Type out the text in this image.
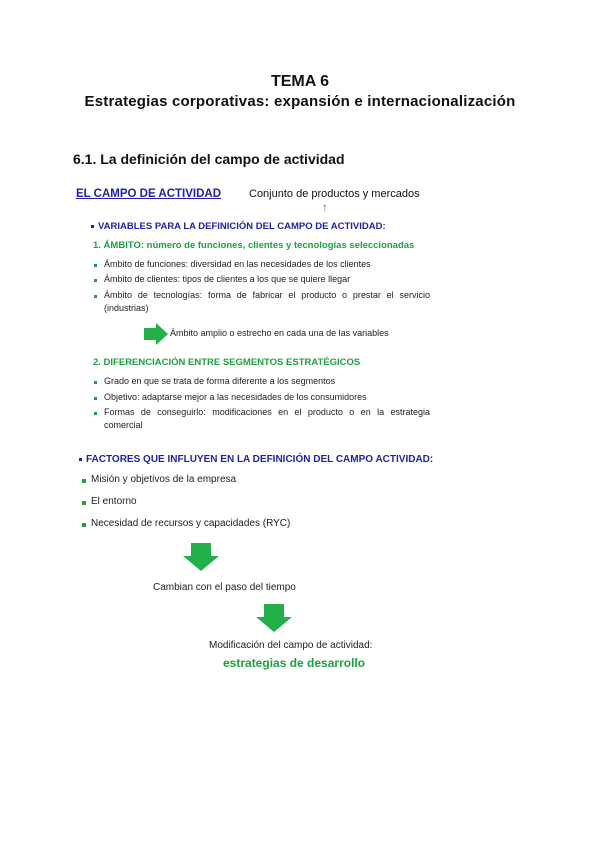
TEMA 6
Estrategias corporativas: expansión e internacionalización
6.1. La definición del campo de actividad
EL CAMPO DE ACTIVIDAD	Conjunto de productos y mercados
↑
VARIABLES PARA LA DEFINICIÓN DEL CAMPO DE ACTIVIDAD:
1. ÁMBITO: número de funciones, clientes y tecnologías seleccionadas
Ámbito de funciones: diversidad en las necesidades de los clientes
Ámbito de clientes: tipos de clientes a los que se quiere llegar
Ámbito de tecnologías: forma de fabricar el producto o prestar el servicio (industrias)
Ámbito amplio o estrecho en cada una de las variables
2. DIFERENCIACIÓN ENTRE SEGMENTOS ESTRATÉGICOS
Grado en que se trata de forma diferente a los segmentos
Objetivo: adaptarse mejor a las necesidades de los consumidores
Formas de conseguirlo: modificaciones en el producto o en la estrategia comercial
FACTORES QUE INFLUYEN EN LA DEFINICIÓN DEL CAMPO ACTIVIDAD:
Misión y objetivos de la empresa
El entorno
Necesidad de recursos y capacidades (RYC)
Cambian con el paso del tiempo
Modificación del campo de actividad:
estrategias de desarrollo
